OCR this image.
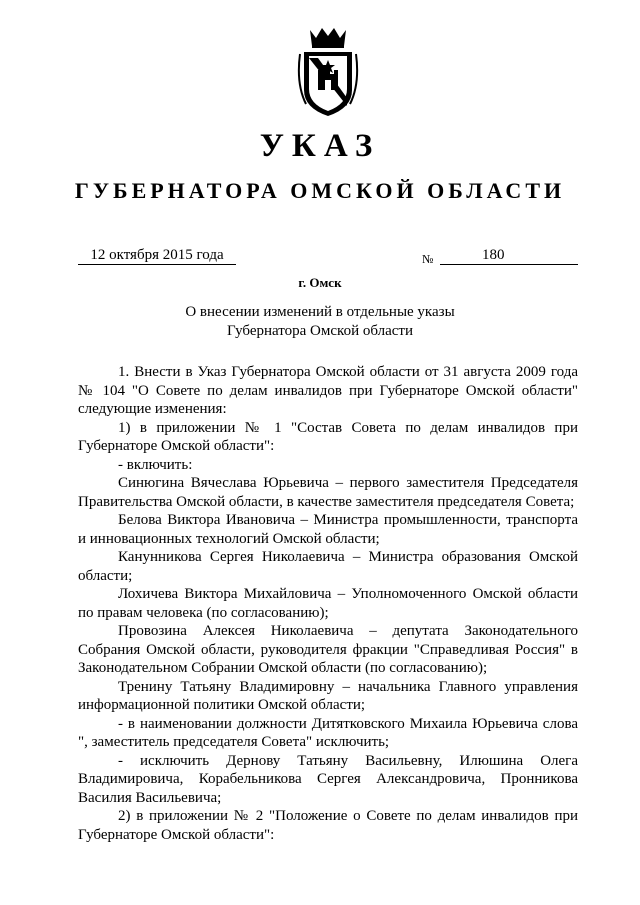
УКАЗ
ГУБЕРНАТОРА ОМСКОЙ ОБЛАСТИ
12 октября 2015 года	№	180
г. Омск
О внесении изменений в отдельные указы
Губернатора Омской области

1. Внести в Указ Губернатора Омской области от 31 августа 2009 года № 104 "О Совете по делам инвалидов при Губернаторе Омской области" следующие изменения:

1) в приложении № 1 "Состав Совета по делам инвалидов при Губернаторе Омской области":

- включить:

Синюгина Вячеслава Юрьевича – первого заместителя Председателя Правительства Омской области, в качестве заместителя председателя Совета;

Белова Виктора Ивановича – Министра промышленности, транспорта и инновационных технологий Омской области;

Канунникова Сергея Николаевича – Министра образования Омской области;

Лохичева Виктора Михайловича – Уполномоченного Омской области по правам человека (по согласованию);

Провозина Алексея Николаевича – депутата Законодательного Собрания Омской области, руководителя фракции "Справедливая Россия" в Законодательном Собрании Омской области (по согласованию);

Тренину Татьяну Владимировну – начальника Главного управления информационной политики Омской области;

- в наименовании должности Дитятковского Михаила Юрьевича слова ", заместитель председателя Совета" исключить;

- исключить Дернову Татьяну Васильевну, Илюшина Олега Владимировича, Корабельникова Сергея Александровича, Пронникова Василия Васильевича;

2) в приложении № 2 "Положение о Совете по делам инвалидов при Губернаторе Омской области":
